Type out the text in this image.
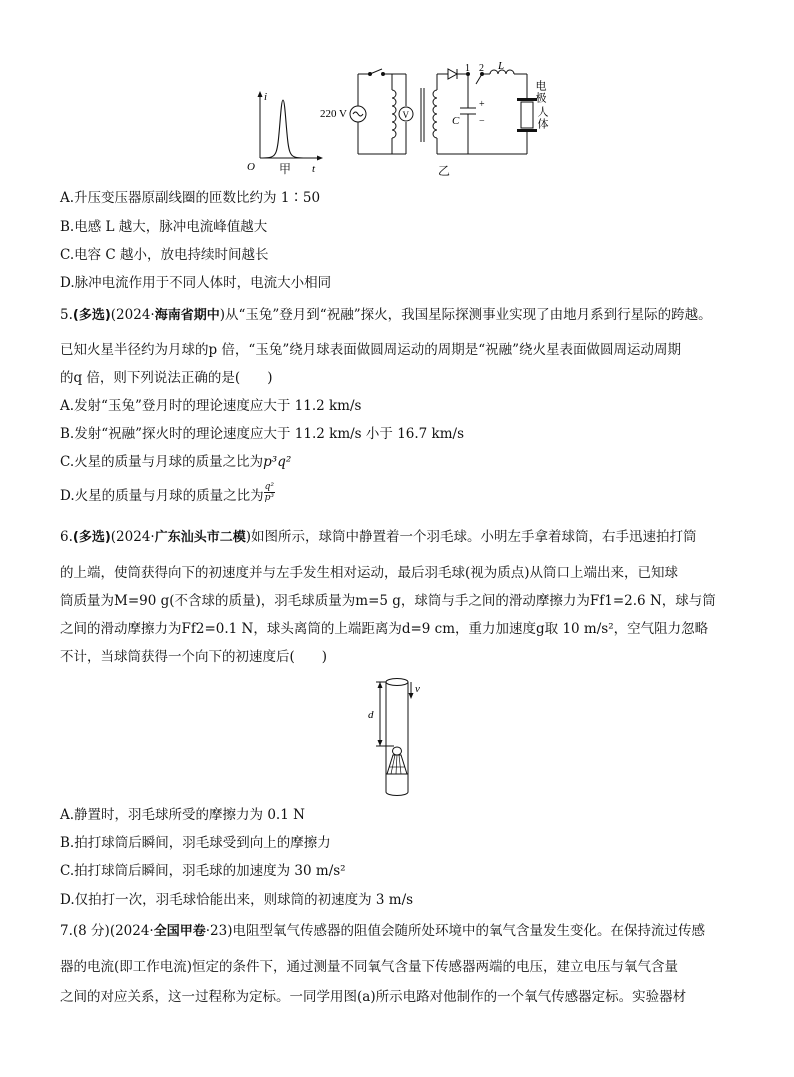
i
O	t
甲
220 V	V
1 2 L
+
C −
电极
人体
乙
A.升压变压器原副线圈的匝数比约为 1∶50
B.电感 L 越大，脉冲电流峰值越大
C.电容 C 越小，放电持续时间越长
D.脉冲电流作用于不同人体时，电流大小相同
5.(多选)(2024·海南省期中)从“玉兔”登月到“祝融”探火，我国星际探测事业实现了由地月系到行星际的跨越。
已知火星半径约为月球的p 倍，“玉兔”绕月球表面做圆周运动的周期是“祝融”绕火星表面做圆周运动周期
的q 倍，则下列说法正确的是(　　)
A.发射“玉兔”登月时的理论速度应大于 11.2 km/s
B.发射“祝融”探火时的理论速度应大于 11.2 km/s 小于 16.7 km/s
C.火星的质量与月球的质量之比为p³q²
D.火星的质量与月球的质量之比为 $\frac{\text{q²}}{\text{p³}}$
6.(多选)(2024·广东汕头市二模)如图所示，球筒中静置着一个羽毛球。小明左手拿着球筒，右手迅速拍打筒
的上端，使筒获得向下的初速度并与左手发生相对运动，最后羽毛球(视为质点)从筒口上端出来，已知球
筒质量为M=90 g(不含球的质量)，羽毛球质量为m=5 g，球筒与手之间的滑动摩擦力为Ff1=2.6 N，球与筒
之间的滑动摩擦力为Ff2=0.1 N，球头离筒的上端距离为d=9 cm，重力加速度g取 10 m/s²，空气阻力忽略
不计，当球筒获得一个向下的初速度后(　　)
d
v
A.静置时，羽毛球所受的摩擦力为 0.1 N
B.拍打球筒后瞬间，羽毛球受到向上的摩擦力
C.拍打球筒后瞬间，羽毛球的加速度为 30 m/s²
D.仅拍打一次，羽毛球恰能出来，则球筒的初速度为 3 m/s
7.(8 分)(2024·全国甲卷·23)电阻型氧气传感器的阻值会随所处环境中的氧气含量发生变化。在保持流过传感
器的电流(即工作电流)恒定的条件下，通过测量不同氧气含量下传感器两端的电压，建立电压与氧气含量
之间的对应关系，这一过程称为定标。一同学用图(a)所示电路对他制作的一个氧气传感器定标。实验器材
